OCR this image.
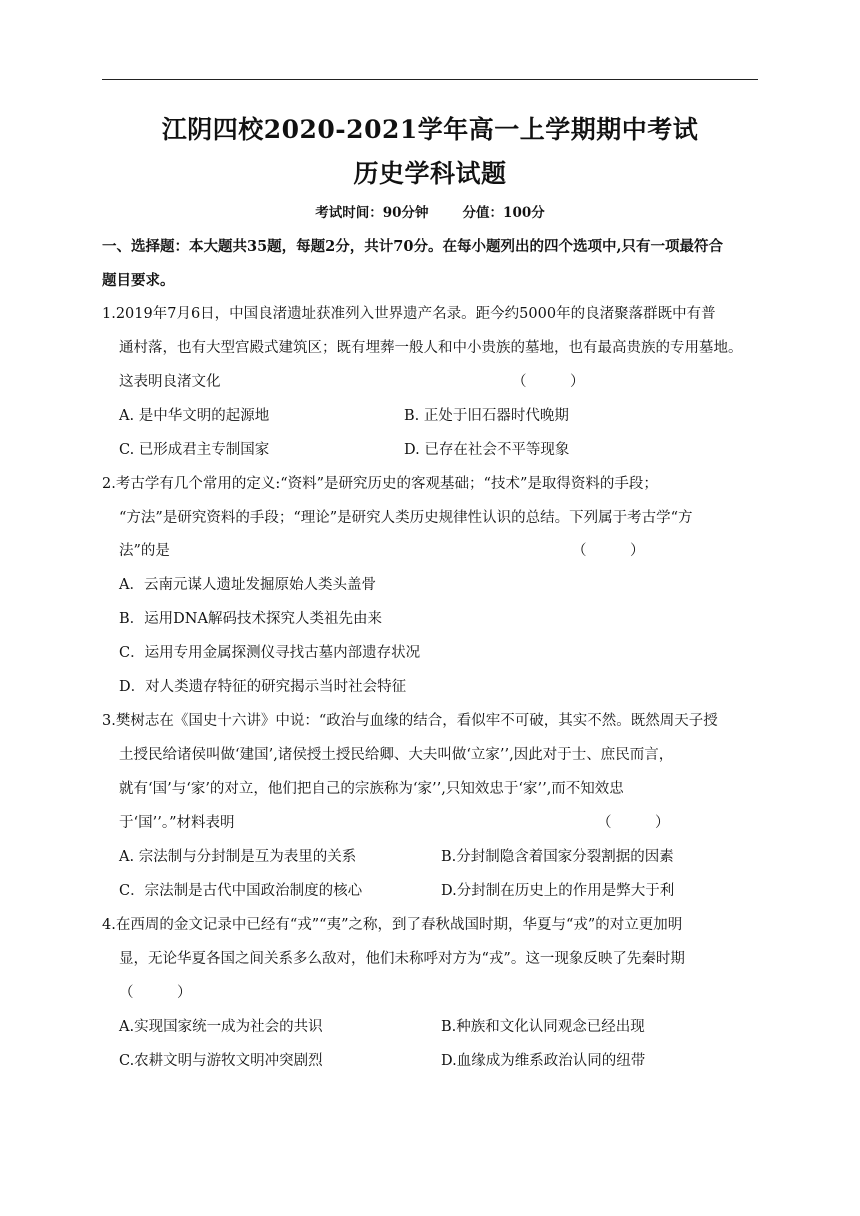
江阴四校2020-2021学年高一上学期期中考试
历史学科试题
考试时间：90分钟	分值：100分
一、选择题：本大题共35题，每题2分，共计70分。在每小题列出的四个选项中,只有一项最符合
题目要求。
1.2019年7月6日，中国良渚遗址获准列入世界遗产名录。距今约5000年的良渚聚落群既中有普
通村落，也有大型宫殿式建筑区；既有埋葬一般人和中小贵族的墓地，也有最高贵族的专用墓地。
这表明良渚文化	（　　　）
A. 是中华文明的起源地	B. 正处于旧石器时代晚期
C. 已形成君主专制国家	D. 已存在社会不平等现象
2.考古学有几个常用的定义:“资料”是研究历史的客观基础；“技术”是取得资料的手段；
“方法”是研究资料的手段；“理论”是研究人类历史规律性认识的总结。下列属于考古学“方
法”的是	（　　　）
A．云南元谋人遗址发掘原始人类头盖骨
B．运用DNA解码技术探究人类祖先由来
C．运用专用金属探测仪寻找古墓内部遗存状况
D．对人类遗存特征的研究揭示当时社会特征
3.樊树志在《国史十六讲》中说：“政治与血缘的结合，看似牢不可破，其实不然。既然周天子授
土授民给诸侯叫做‘建国’,诸侯授土授民给卿、大夫叫做‘立家’’,因此对于士、庶民而言，
就有‘国’与‘家’的对立，他们把自己的宗族称为‘家’’,只知效忠于‘家’’,而不知效忠
于‘国’’。”材料表明	（　　　）
A. 宗法制与分封制是互为表里的关系	B.分封制隐含着国家分裂割据的因素
C．宗法制是古代中国政治制度的核心	D.分封制在历史上的作用是弊大于利
4.在西周的金文记录中已经有“戎”“夷”之称，到了春秋战国时期，华夏与“戎”的对立更加明
显，无论华夏各国之间关系多么敌对，他们未称呼对方为“戎”。这一现象反映了先秦时期
（　　　）
A.实现国家统一成为社会的共识	B.种族和文化认同观念已经出现
C.农耕文明与游牧文明冲突剧烈	D.血缘成为维系政治认同的纽带
